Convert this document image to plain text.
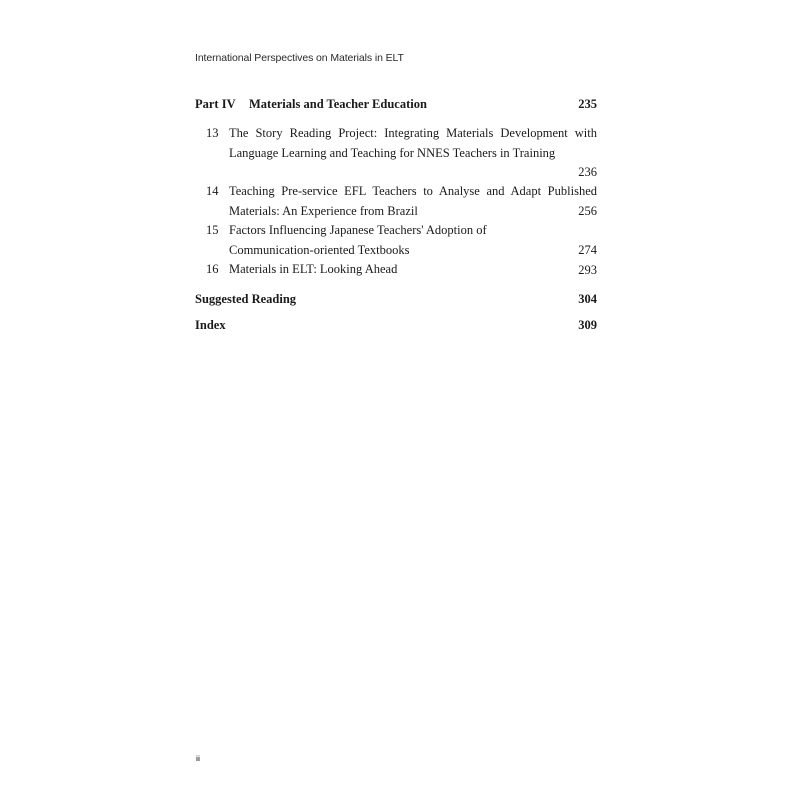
International Perspectives on Materials in ELT
Part IV Materials and Teacher Education	235
13 The Story Reading Project: Integrating Materials Development with Language Learning and Teaching for NNES Teachers in Training
236
14 Teaching Pre-service EFL Teachers to Analyse and Adapt Published Materials: An Experience from Brazil	256
15 Factors Influencing Japanese Teachers' Adoption of Communication-oriented Textbooks	274
16 Materials in ELT: Looking Ahead	293
Suggested Reading	304
Index	309
ii
